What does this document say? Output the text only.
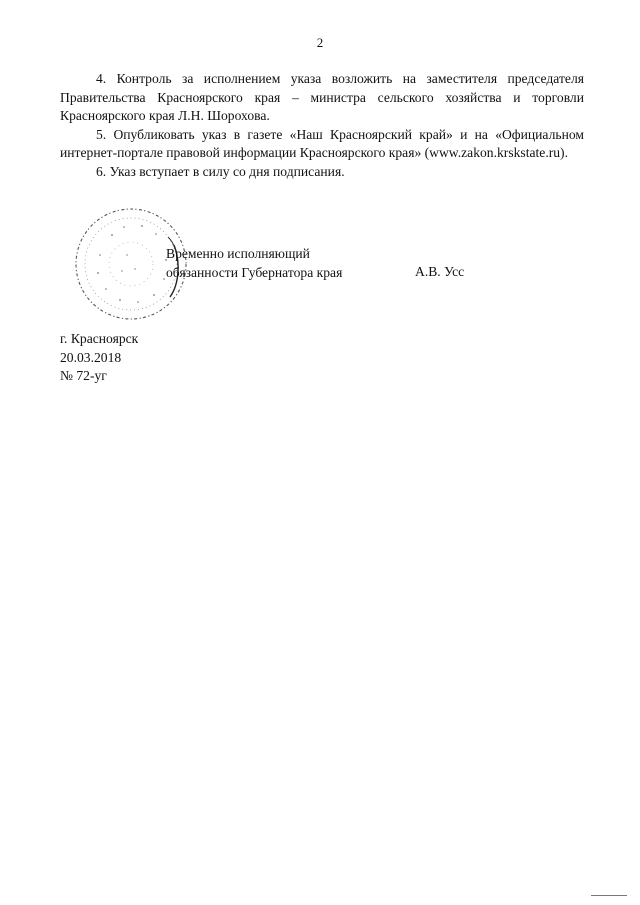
2

4. Контроль за исполнением указа возложить на заместителя председателя Правительства Красноярского края – министра сельского хозяйства и торговли Красноярского края Л.Н. Шорохова.

5. Опубликовать указ в газете «Наш Красноярский край» и на «Официальном интернет-портале правовой информации Красноярского края» (www.zakon.krskstate.ru).

6. Указ вступает в силу со дня подписания.

Временно исполняющий
обязанности Губернатора края	А.В. Усс
г. Красноярск
20.03.2018
№ 72-уг
